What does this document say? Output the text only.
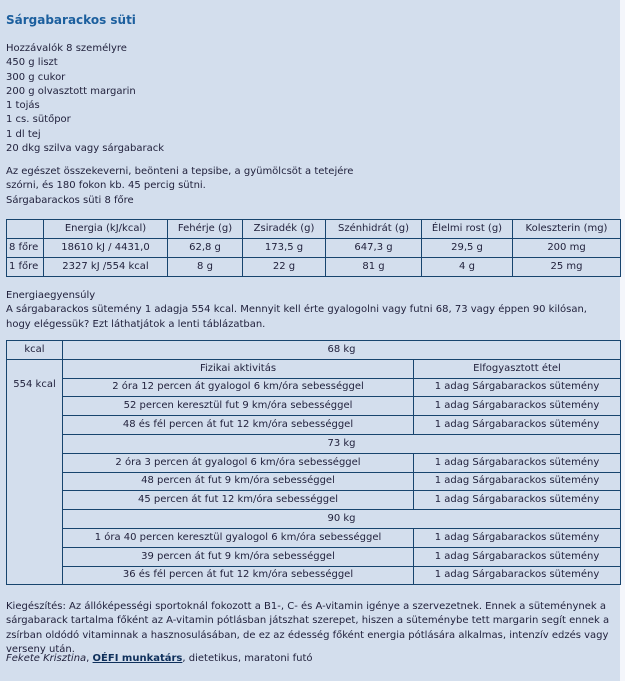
Sárgabarackos süti
Hozzávalók 8 személyre
450 g liszt
300 g cukor
200 g olvasztott margarin
1 tojás
1 cs. sütőpor
1 dl tej
20 dkg szilva vagy sárgabarack
Az egészet összekeverni, beönteni a tepsibe, a gyümölcsöt a tetejére
szórni, és 180 fokon kb. 45 percig sütni.
Sárgabarackos süti 8 főre
	Energia (kJ/kcal)	Fehérje (g)	Zsiradék (g)	Szénhidrát (g)	Élelmi rost (g)	Koleszterin (mg)
8 főre	18610 kJ / 4431,0	62,8 g	173,5 g	647,3 g	29,5 g	200 mg
1 főre	2327 kJ /554 kcal	8 g	22 g	81 g	4 g	25 mg
Energiaegyensúly
A sárgabarackos sütemény 1 adagja 554 kcal. Mennyit kell érte gyalogolni vagy futni 68, 73 vagy éppen 90 kilósan, hogy elégessük? Ezt láthatjátok a lenti táblázatban.
kcal	68 kg	

554 kcal	Fizikai aktivitás	Elfogyasztott étel
	2 óra 12 percen át gyalogol 6 km/óra sebességgel	1 adag Sárgabarackos sütemény
	52 percen keresztül fut 9 km/óra sebességgel	1 adag Sárgabarackos sütemény
	48 és fél percen át fut 12 km/óra sebességgel	1 adag Sárgabarackos sütemény
	73 kg	
	2 óra 3 percen át gyalogol 6 km/óra sebességgel	1 adag Sárgabarackos sütemény
	48 percen át fut 9 km/óra sebességgel	1 adag Sárgabarackos sütemény
	45 percen át fut 12 km/óra sebességgel	1 adag Sárgabarackos sütemény
	90 kg	
	1 óra 40 percen keresztül gyalogol 6 km/óra sebességgel	1 adag Sárgabarackos sütemény
	39 percen át fut 9 km/óra sebességgel	1 adag Sárgabarackos sütemény
	36 és fél percen át fut 12 km/óra sebességgel	1 adag Sárgabarackos sütemény
Kiegészítés: Az állóképességi sportoknál fokozott a B1-, C- és A-vitamin igénye a szervezetnek. Ennek a süteménynek a sárgabarack tartalma főként az A-vitamin pótlásban játszhat szerepet, hiszen a süteménybe tett margarin segít ennek a zsírban oldódó vitaminnak a hasznosulásában, de ez az édesség főként energia pótlására alkalmas, intenzív edzés vagy verseny után.
Fekete Krisztina, OÉFI munkatárs, dietetikus, maratoni futó
